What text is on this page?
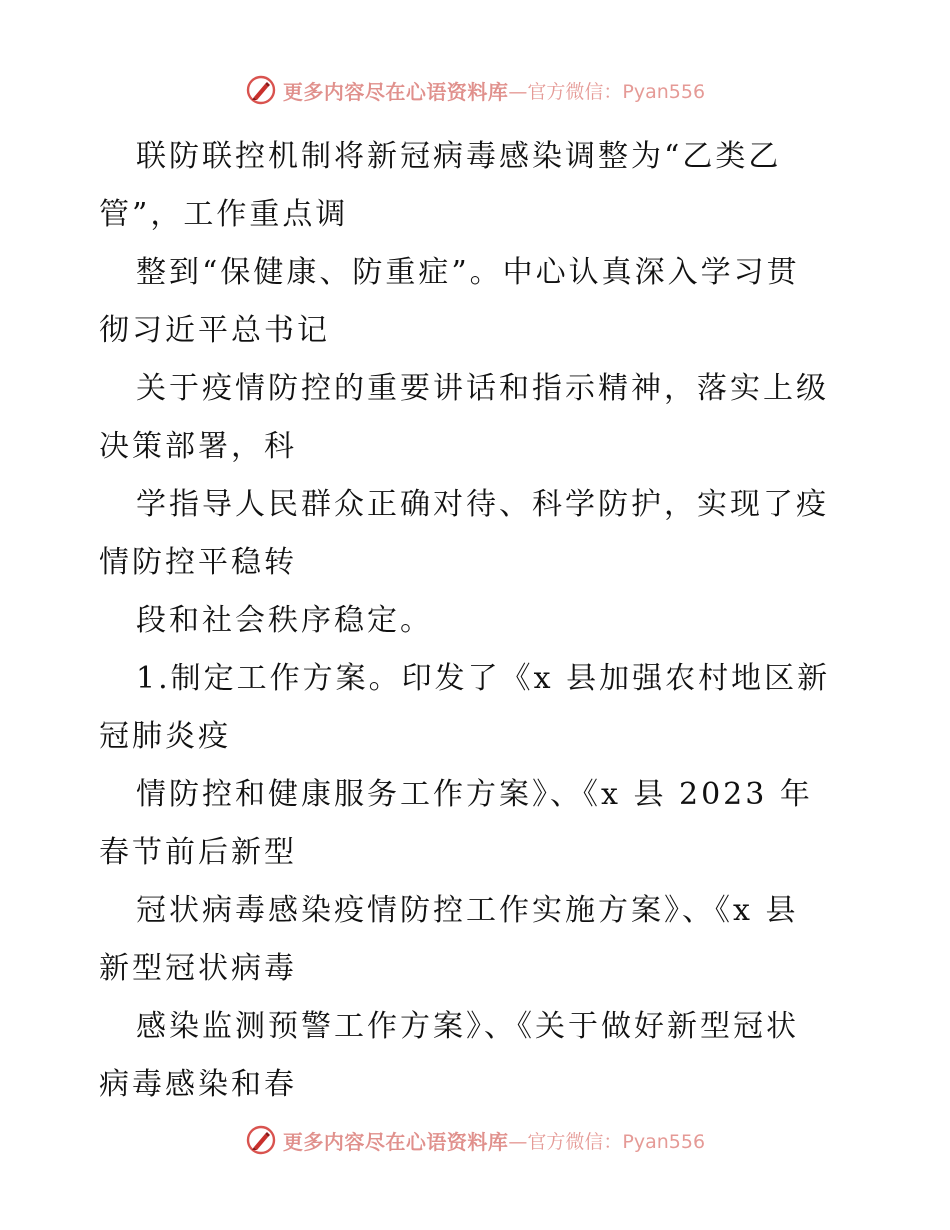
更多内容尽在心语资料库 —官方微信：Pyan556
联防联控机制将新冠病毒感染调整为“乙类乙
管”，工作重点调
整到“保健康、防重症”。中心认真深入学习贯
彻习近平总书记
关于疫情防控的重要讲话和指示精神，落实上级
决策部署，科
学指导人民群众正确对待、科学防护，实现了疫
情防控平稳转
段和社会秩序稳定。
1.制定工作方案。印发了《x 县加强农村地区新
冠肺炎疫
情防控和健康服务工作方案》、《x 县 2023 年
春节前后新型
冠状病毒感染疫情防控工作实施方案》、《x 县
新型冠状病毒
感染监测预警工作方案》、《关于做好新型冠状
病毒感染和春
更多内容尽在心语资料库 —官方微信：Pyan556
